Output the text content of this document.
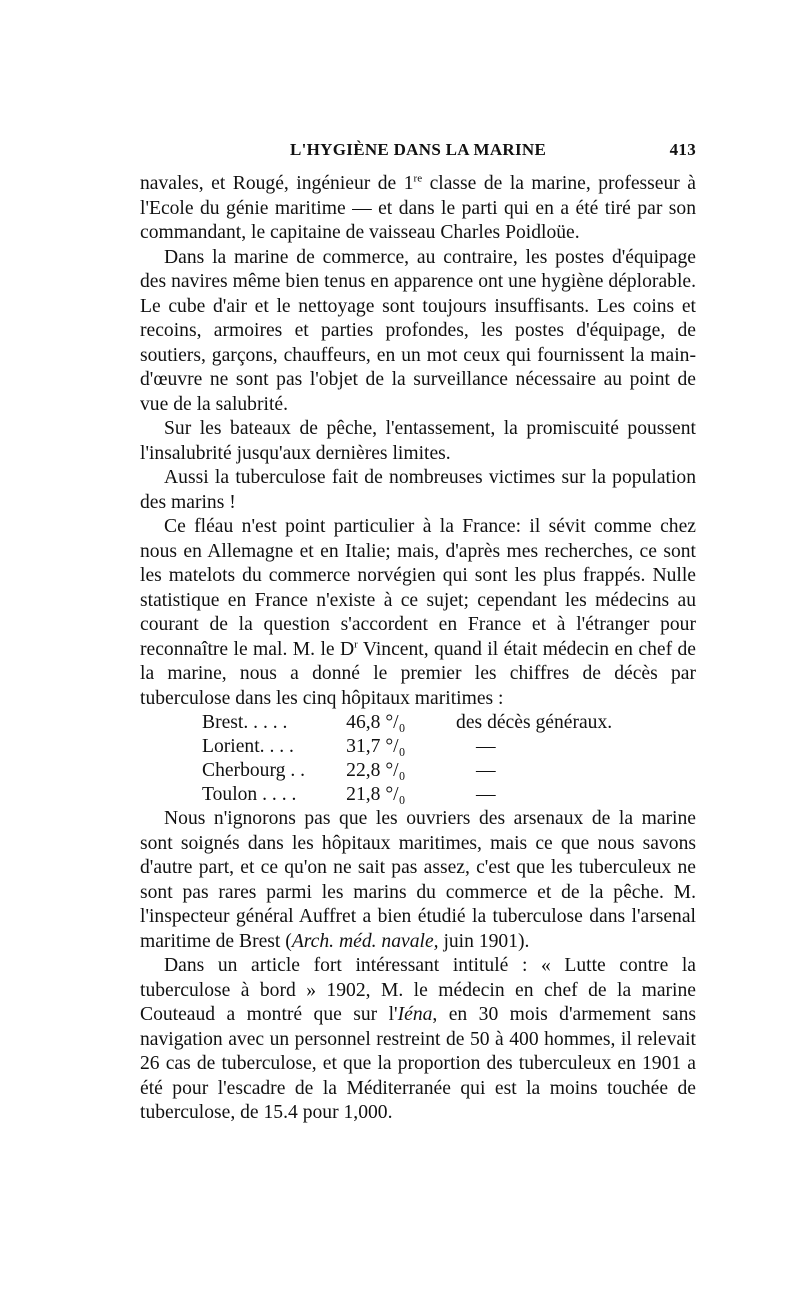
L'HYGIÈNE DANS LA MARINE	413

navales, et Rougé, ingénieur de 1re classe de la marine, professeur à l'Ecole du génie maritime — et dans le parti qui en a été tiré par son commandant, le capitaine de vaisseau Charles Poidloüe.

Dans la marine de commerce, au contraire, les postes d'équipage des navires même bien tenus en apparence ont une hygiène déplorable. Le cube d'air et le nettoyage sont toujours insuffisants. Les coins et recoins, armoires et parties profondes, les postes d'équipage, de soutiers, garçons, chauffeurs, en un mot ceux qui fournissent la main-d'œuvre ne sont pas l'objet de la surveillance nécessaire au point de vue de la salubrité.

Sur les bateaux de pêche, l'entassement, la promiscuité poussent l'insalubrité jusqu'aux dernières limites.

Aussi la tuberculose fait de nombreuses victimes sur la population des marins !

Ce fléau n'est point particulier à la France: il sévit comme chez nous en Allemagne et en Italie; mais, d'après mes recherches, ce sont les matelots du commerce norvégien qui sont les plus frappés. Nulle statistique en France n'existe à ce sujet; cependant les médecins au courant de la question s'accordent en France et à l'étranger pour reconnaître le mal. M. le $D^r$ Vincent, quand il était médecin en chef de la marine, nous a donné le premier les chiffres de décès par tuberculose dans les cinq hôpitaux maritimes :

Brest. . . . .	46,8 °/₀	des décès généraux.
Lorient. . . .	31,7 °/₀	—
Cherbourg . .	22,8 °/₀	—
Toulon . . . .	21,8 °/₀	—

Nous n'ignorons pas que les ouvriers des arsenaux de la marine sont soignés dans les hôpitaux maritimes, mais ce que nous savons d'autre part, et ce qu'on ne sait pas assez, c'est que les tuberculeux ne sont pas rares parmi les marins du commerce et de la pêche. M. l'inspecteur général Auffret a bien étudié la tuberculose dans l'arsenal maritime de Brest (Arch. méd. navale, juin 1901).

Dans un article fort intéressant intitulé : « Lutte contre la tuberculose à bord » 1902, M. le médecin en chef de la marine Couteaud a montré que sur l'Iéna, en 30 mois d'armement sans navigation avec un personnel restreint de 50 à 400 hommes, il relevait 26 cas de tuberculose, et que la proportion des tuberculeux en 1901 a été pour l'escadre de la Méditerranée qui est la moins touchée de tuberculose, de 15.4 pour 1,000.
